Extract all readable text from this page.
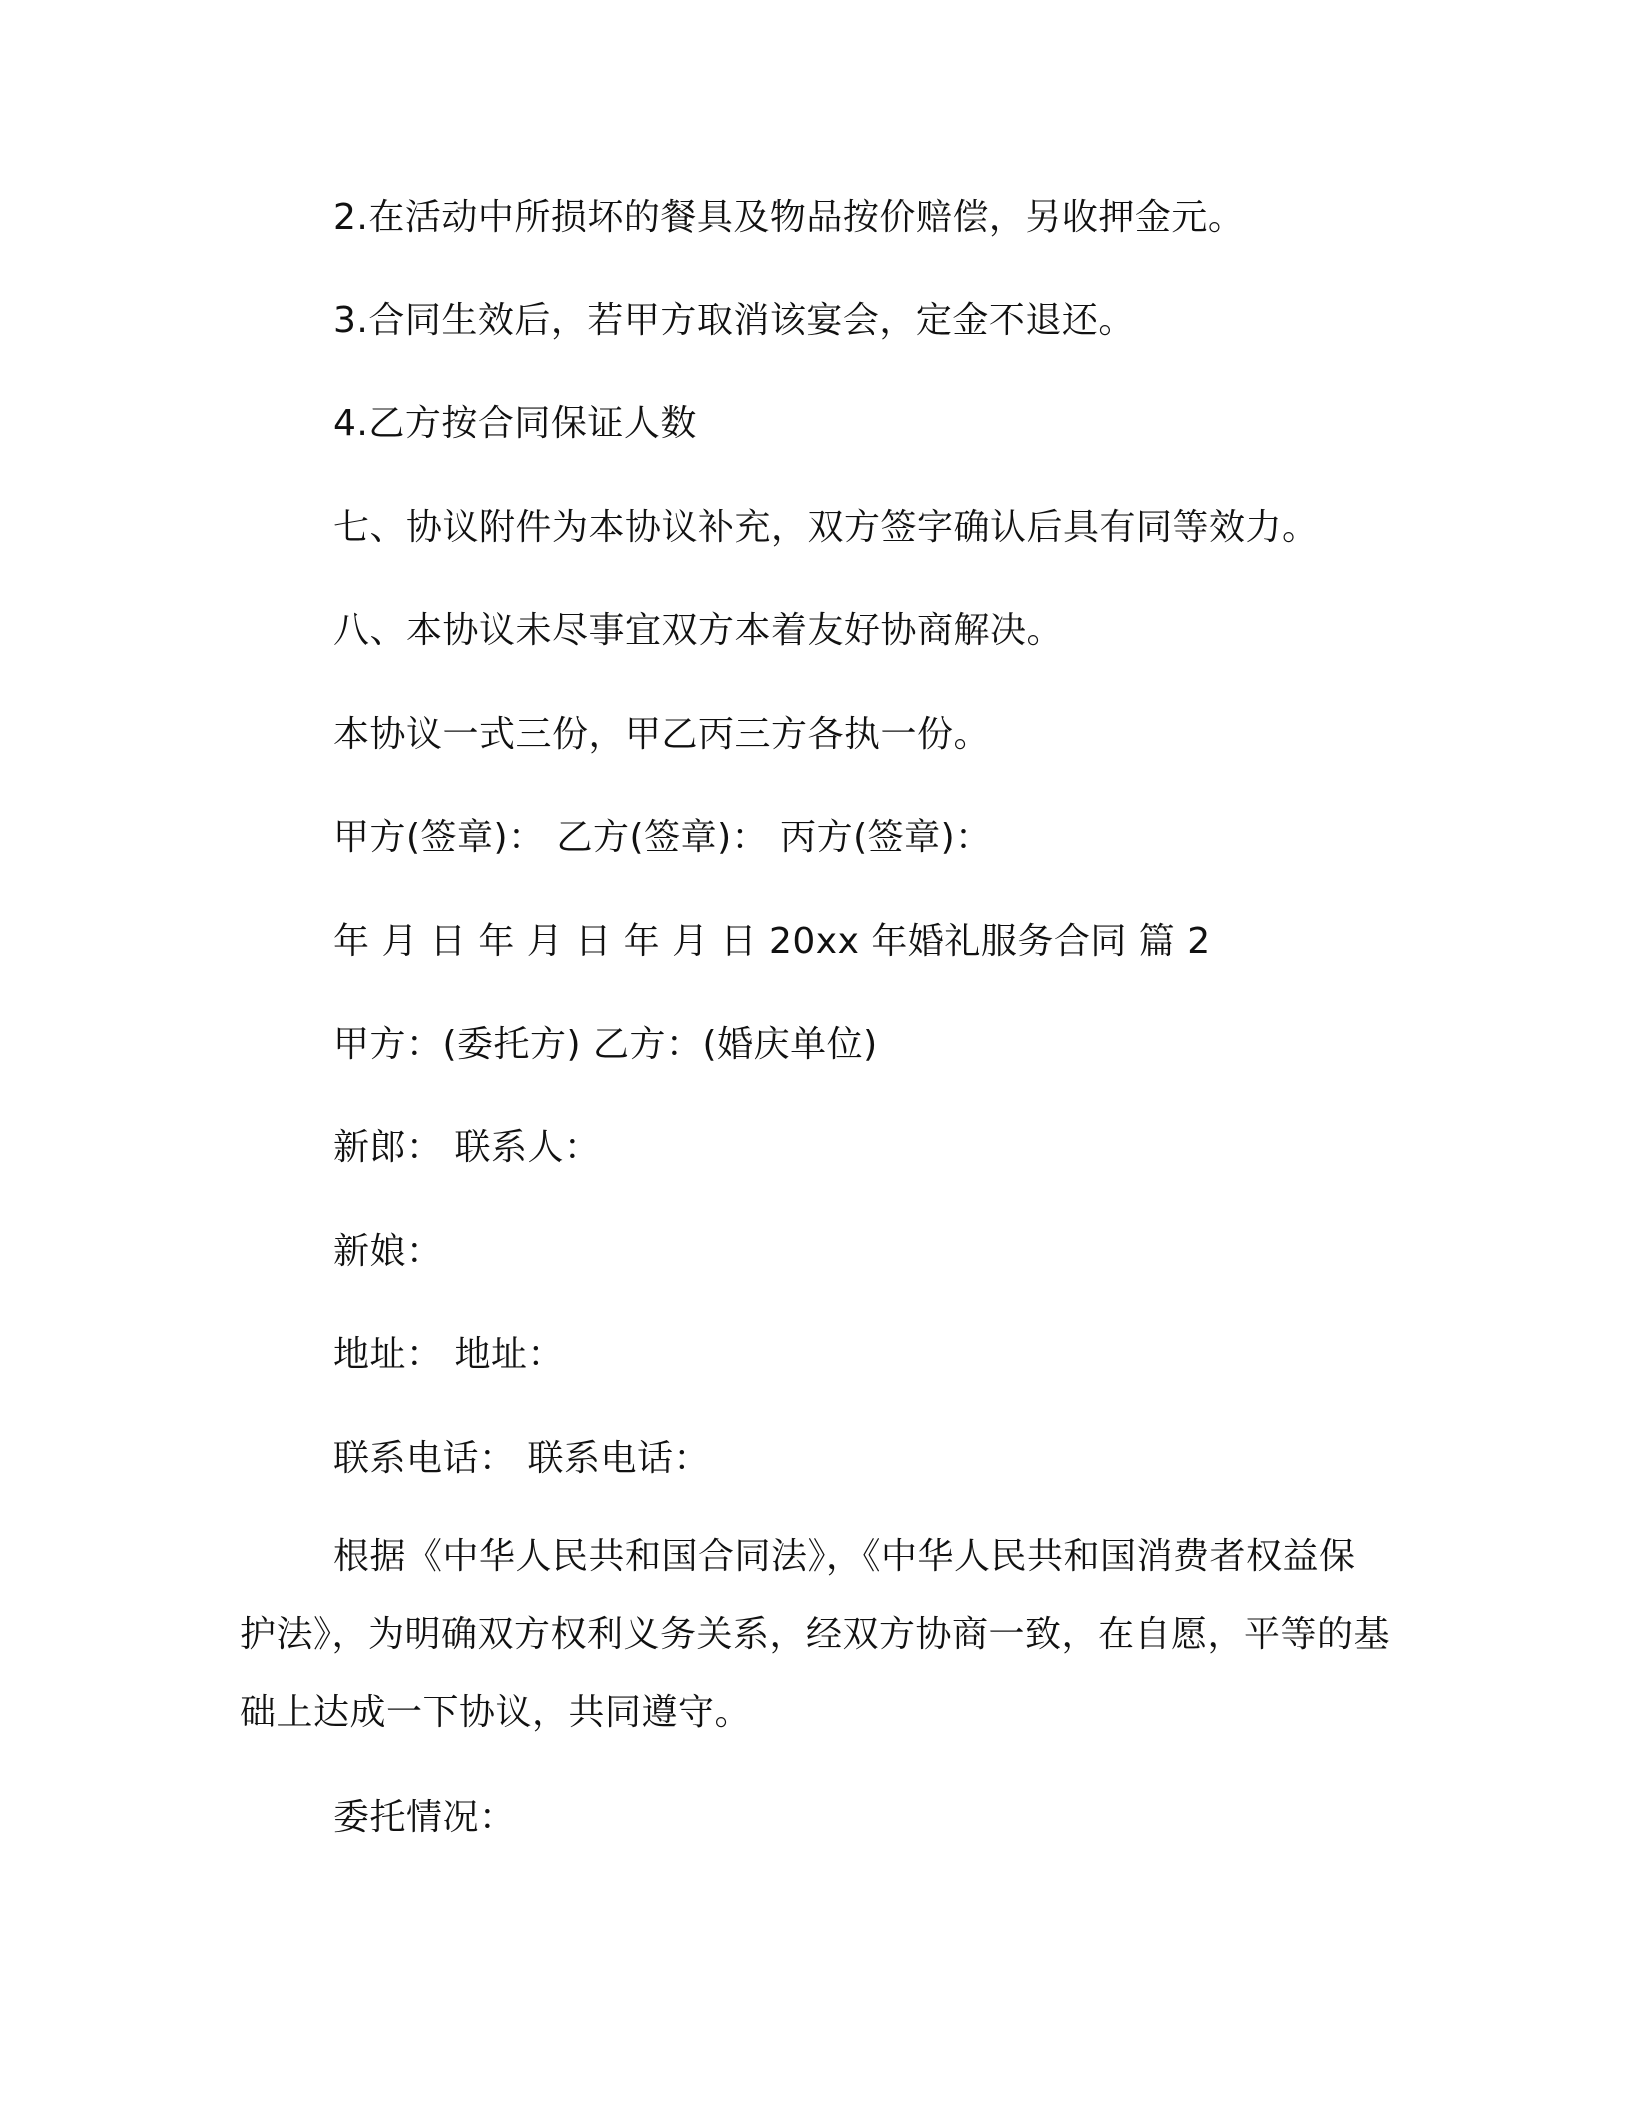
2.在活动中所损坏的餐具及物品按价赔偿，另收押金元。
3.合同生效后，若甲方取消该宴会，定金不退还。
4.乙方按合同保证人数
七、协议附件为本协议补充，双方签字确认后具有同等效力。
八、本协议未尽事宜双方本着友好协商解决。
本协议一式三份，甲乙丙三方各执一份。
甲方(签章)： 乙方(签章)： 丙方(签章)：
年 月 日 年 月 日 年 月 日 20xx 年婚礼服务合同 篇 2
甲方：(委托方) 乙方：(婚庆单位)
新郎： 联系人：
新娘：
地址： 地址：
联系电话： 联系电话：
根据《中华人民共和国合同法》，《中华人民共和国消费者权益保护法》，为明确双方权利义务关系，经双方协商一致，在自愿，平等的基础上达成一下协议，共同遵守。
委托情况：
